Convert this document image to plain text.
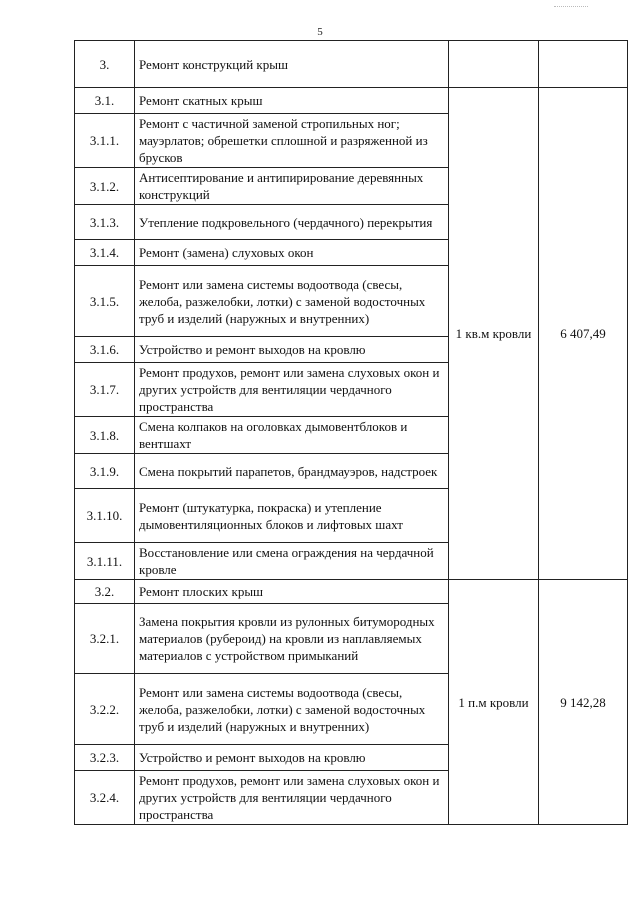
5
3.	Ремонт конструкций крыш		
3.1.	Ремонт скатных крыш	1 кв.м кровли	6 407,49
3.1.1.	Ремонт с частичной заменой стропильных ног; мауэрлатов; обрешетки сплошной и разряженной из брусков		
3.1.2.	Антисептирование и антипирирование деревянных конструкций		
3.1.3.	Утепление подкровельного (чердачного) перекрытия		
3.1.4.	Ремонт (замена) слуховых окон		
3.1.5.	Ремонт или замена системы водоотвода (свесы, желоба, разжелобки, лотки) с заменой водосточных труб и изделий (наружных и внутренних)		
3.1.6.	Устройство и ремонт выходов на кровлю		
3.1.7.	Ремонт продухов, ремонт или замена слуховых окон и других устройств для вентиляции чердачного пространства		
3.1.8.	Смена колпаков на оголовках дымовентблоков и вентшахт		
3.1.9.	Смена покрытий парапетов, брандмауэров, надстроек		
3.1.10.	Ремонт (штукатурка, покраска) и утепление дымовентиляционных блоков и лифтовых шахт		
3.1.11.	Восстановление или смена ограждения на чердачной кровле		
3.2.	Ремонт плоских крыш	1 п.м кровли	9 142,28
3.2.1.	Замена покрытия кровли из рулонных битумородных материалов (рубероид) на кровли из наплавляемых материалов с устройством примыканий		
3.2.2.	Ремонт или замена системы водоотвода (свесы, желоба, разжелобки, лотки) с заменой водосточных труб и изделий (наружных и внутренних)		
3.2.3.	Устройство и ремонт выходов на кровлю		
3.2.4.	Ремонт продухов, ремонт или замена слуховых окон и других устройств для вентиляции чердачного пространства		
